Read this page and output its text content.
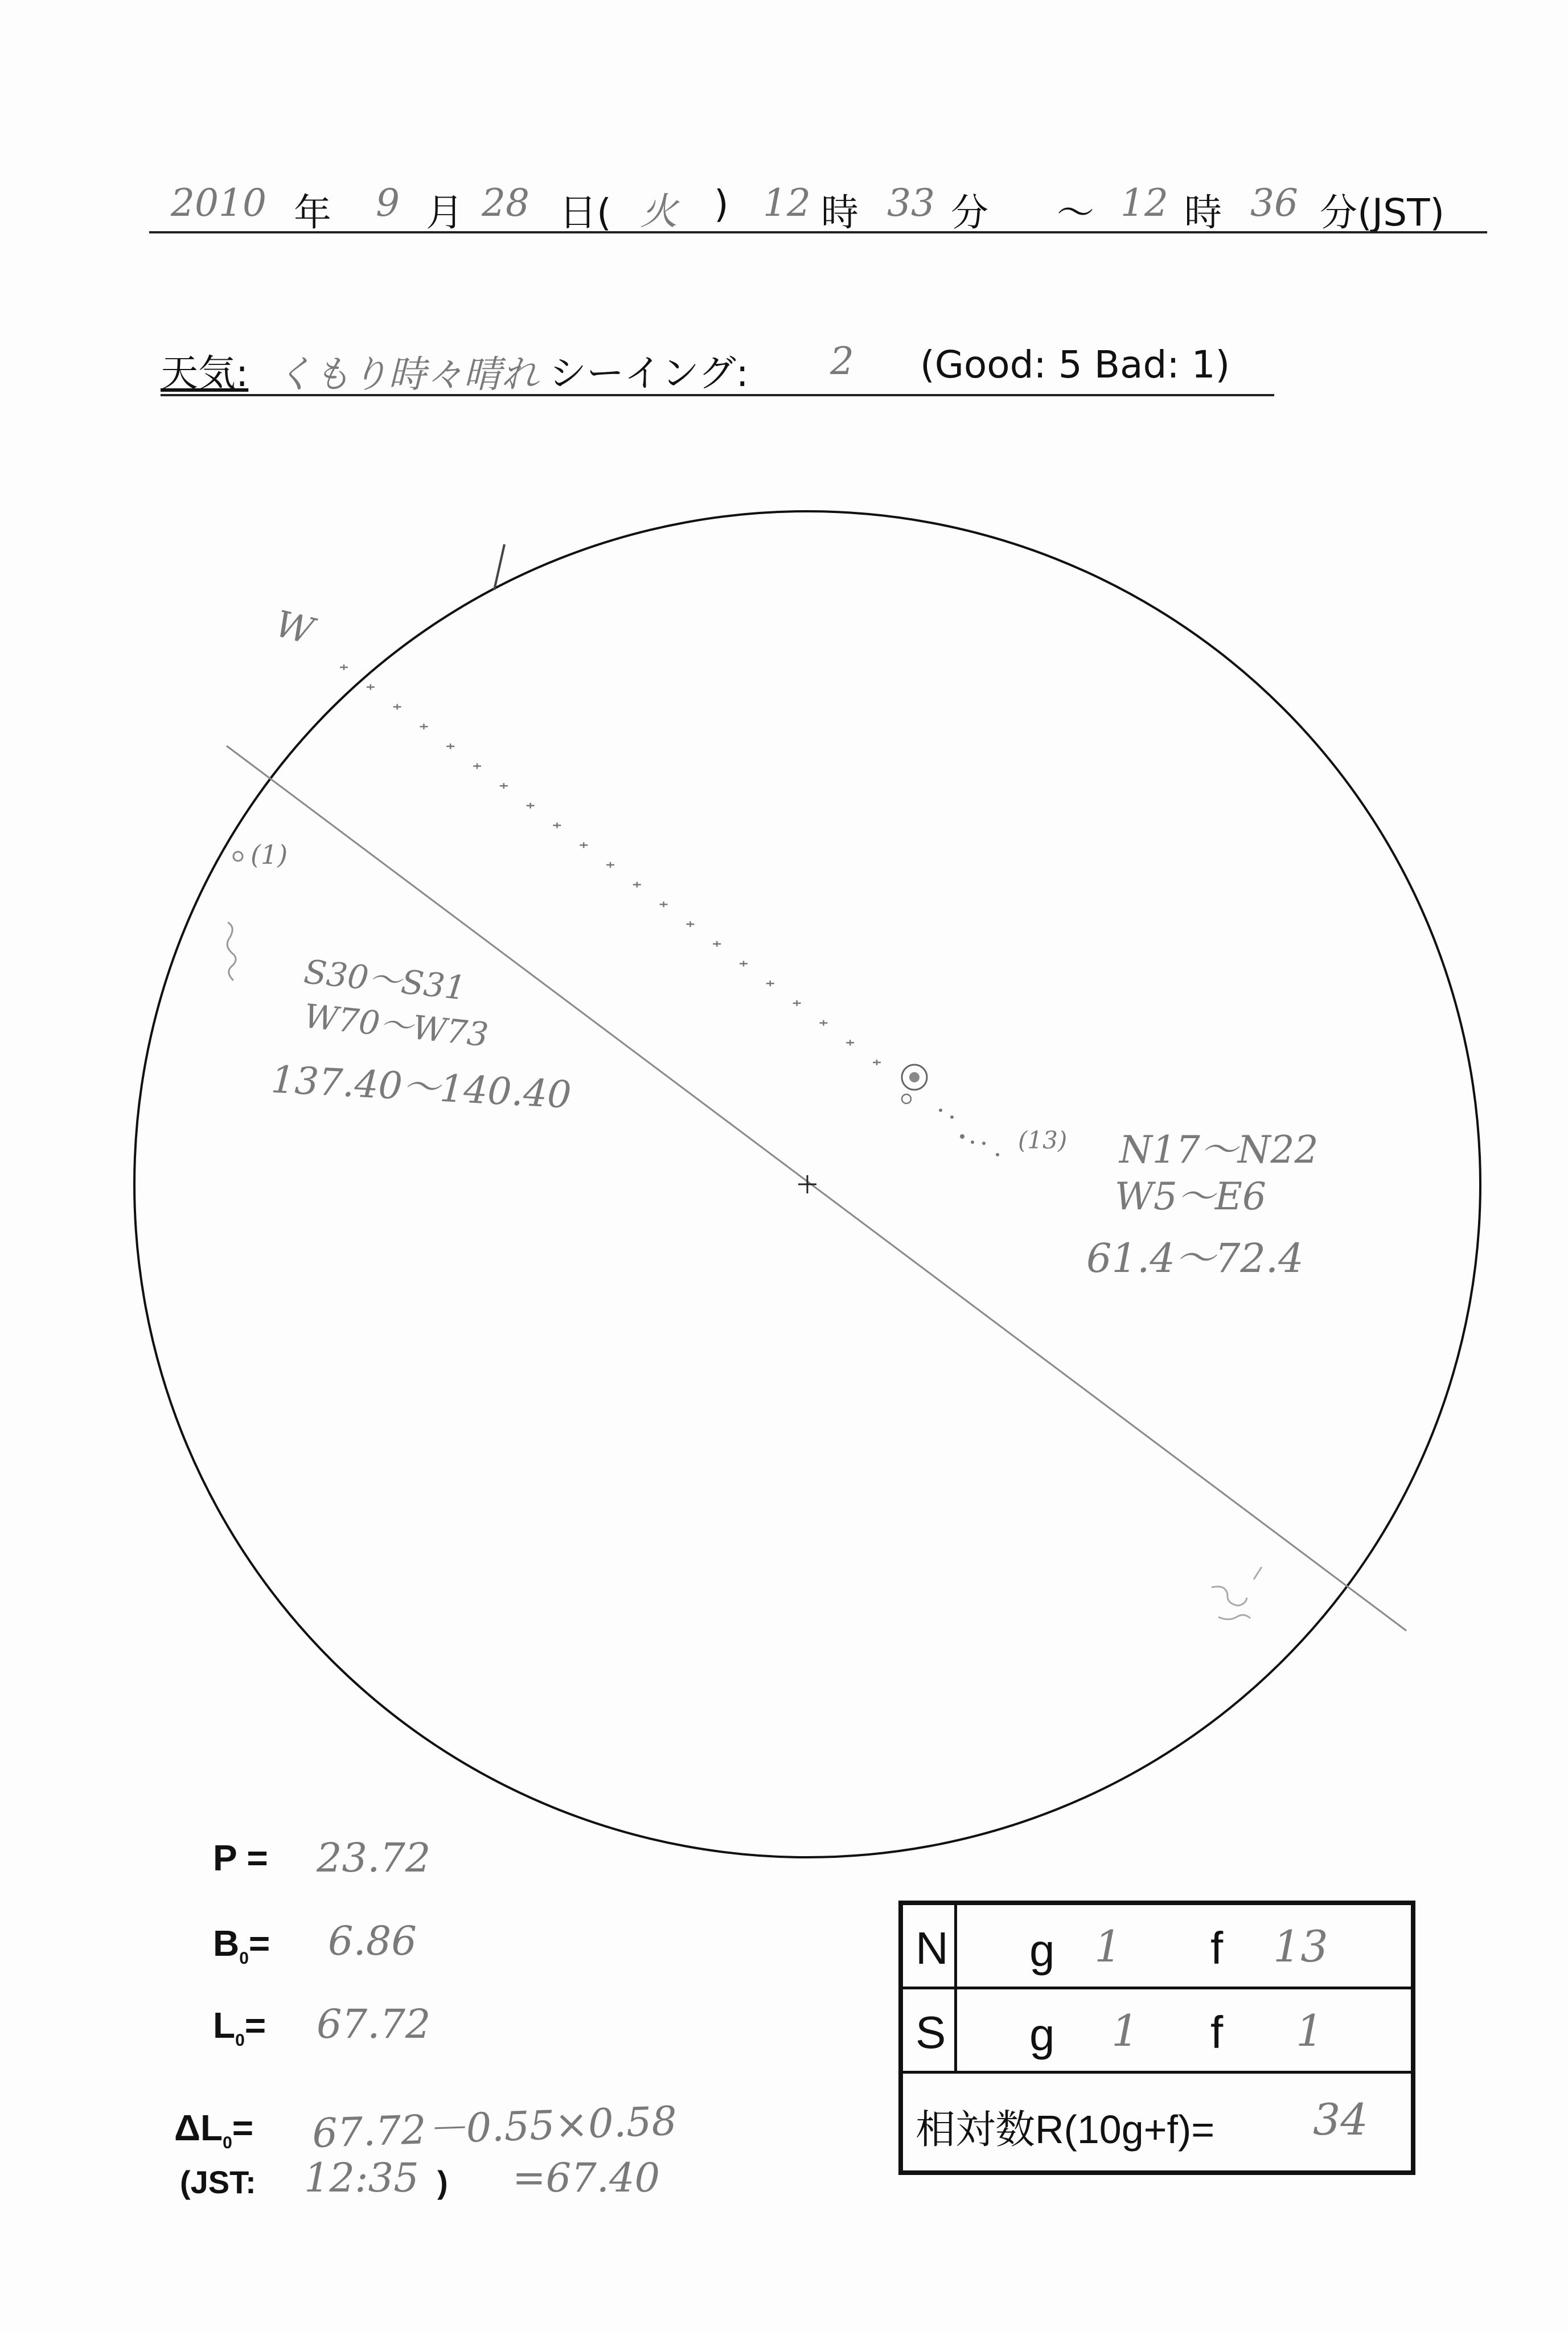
2010 年 9 月 28 日( 火 ) 12 時 33 分 ～ 12 時 36 分(JST)
天気: くもり時々晴れ シーイング: 2 (Good: 5 Bad: 1)
W
(1)
S30～S31
W70～W73
137.40～140.40
(13) N17～N22
W5～E6
61.4～72.4
P = 23.72
$B_0= 6.86$
$L_0= 67.72$
$\Delta L_0= 67.72-0.55\times 0.58$
(JST: 12:35 ) =67.40
N g 1 f 13
S g 1 f 1
相対数R(10g+f)= 34
